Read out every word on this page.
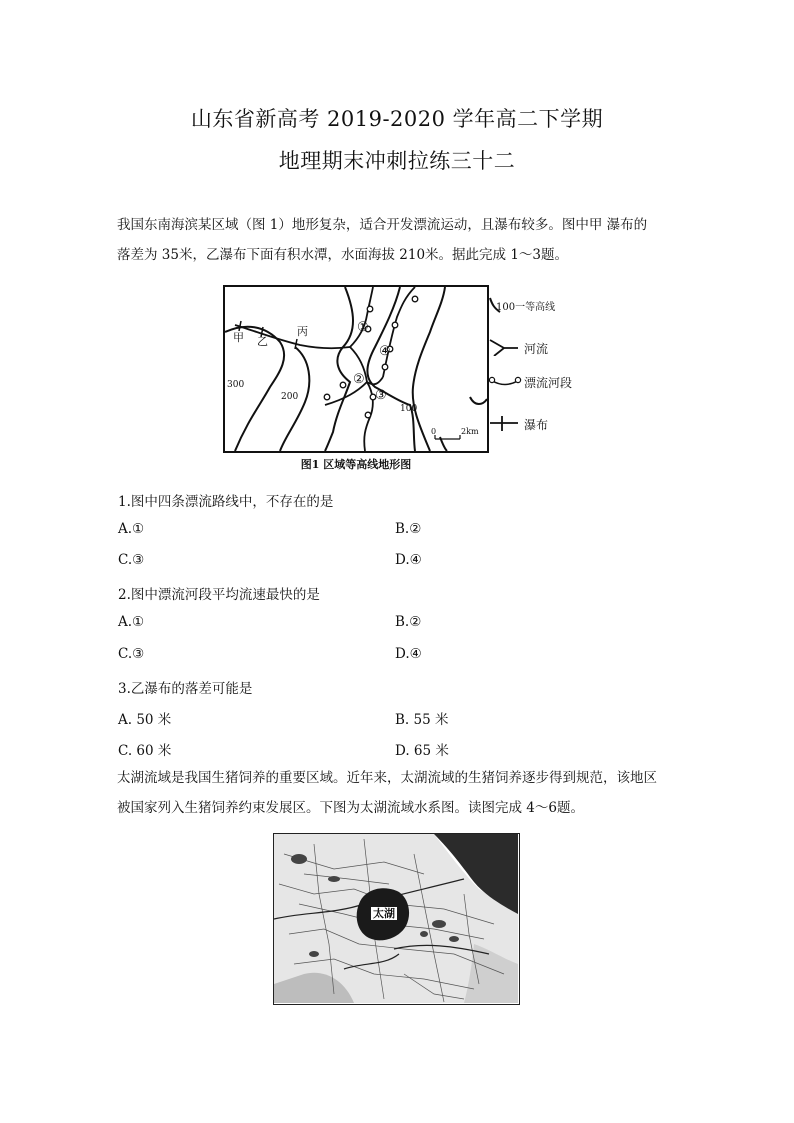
山东省新高考 2019-2020 学年高二下学期
地理期末冲刺拉练三十二
我国东南海滨某区域（图 1）地形复杂，适合开发漂流运动，且瀑布较多。图中甲 瀑布的
落差为 35米，乙瀑布下面有积水潭，水面海拔 210米。据此完成 1～3题。
甲 乙
丙
300
200
100
①
④
②
③
0	2km
图1 区域等高线地形图
100一等高线
河流
漂流河段
瀑布
1.图中四条漂流路线中，不存在的是
A.①	B.②
C.③	D.④
2.图中漂流河段平均流速最快的是
A.①	B.②
C.③	D.④
3.乙瀑布的落差可能是
A. 50 米	B. 55 米
C. 60 米	D. 65 米
太湖流域是我国生猪饲养的重要区域。近年来，太湖流域的生猪饲养逐步得到规范，该地区
被国家列入生猪饲养约束发展区。下图为太湖流域水系图。读图完成 4～6题。
太湖
